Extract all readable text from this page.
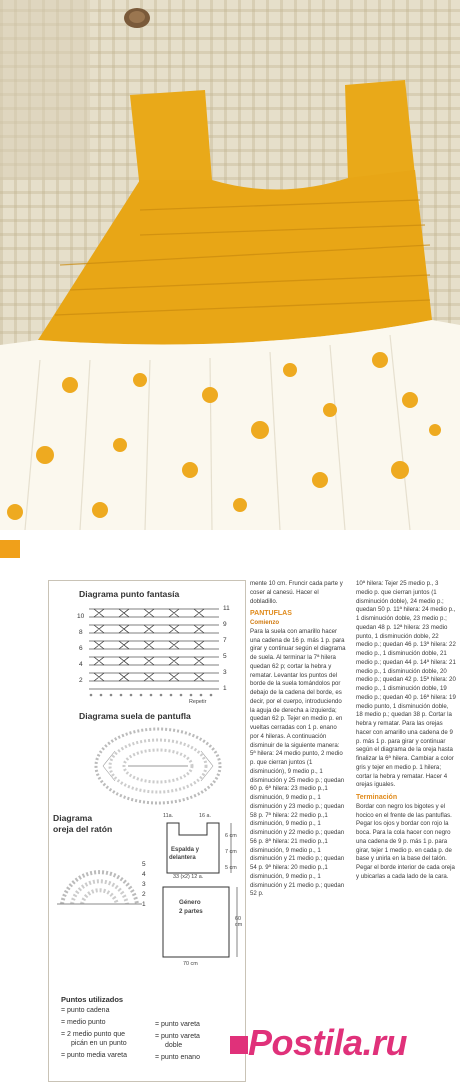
Diagrama punto fantasía
11
9
7
5
3
1
10
8
6
4
2
Repetir
Diagrama suela de pantufla
Diagrama
oreja del ratón
5
4
3
2
1
11a.	16 a.
Espalda y
delantera
33 (x2) 12 a.
6 cm
7 cm
5 cm
Género
2 partes
70 cm
60 cm
Puntos utilizados
= punto cadena
= medio punto
= 2 medio punto que
picán en un punto
= punto media vareta
= punto vareta
= punto vareta
doble
= punto enano

mente 10 cm. Fruncir cada parte y coser al canesú. Hacer el dobladillo.

PANTUFLAS

Comienzo

Para la suela con amarillo hacer una cadena de 16 p. más 1 p. para girar y continuar según el diagrama de suela. Al terminar la 7ª hilera quedan 62 p; cortar la hebra y rematar. Levantar los puntos del borde de la suela tomándolos por debajo de la cadena del borde, es decir, por el cuerpo, introduciendo la aguja de derecha a izquierda; quedan 62 p. Tejer en medio p. en vueltas cerradas con 1 p. enano por 4 hileras. A continuación disminuir de la siguiente manera:

5ª hilera: 24 medio punto, 2 medio p. que cierran juntos (1 disminución), 9 medio p., 1 disminución y 25 medio p.; quedan 60 p. 6ª hilera: 23 medio p.,1 disminución, 9 medio p., 1 disminución y 23 medio p.; quedan 58 p. 7ª hilera: 22 medio p.,1 disminución, 9 medio p., 1 disminución y 22 medio p.; quedan 56 p. 8ª hilera: 21 medio p.,1 disminución, 9 medio p., 1 disminución y 21 medio p.; quedan 54 p. 9ª hilera: 20 medio p.,1 disminución, 9 medio p., 1 disminución y 21 medio p.; quedan 52 p.

10ª hilera: Tejer 25 medio p., 3 medio p. que cierran juntos (1 disminución doble), 24 medio p.; quedan 50 p. 11ª hilera: 24 medio p., 1 disminución doble, 23 medio p.; quedan 48 p. 12ª hilera: 23 medio punto, 1 disminución doble, 22 medio p.; quedan 46 p. 13ª hilera: 22 medio p., 1 disminución doble, 21 medio p.; quedan 44 p. 14ª hilera: 21 medio p., 1 disminución doble, 20 medio p.; quedan 42 p. 15ª hilera: 20 medio p., 1 disminución doble, 19 medio p.; quedan 40 p. 16ª hilera: 19 medio punto, 1 disminución doble, 18 medio p.; quedan 38 p. Cortar la hebra y rematar. Para las orejas hacer con amarillo una cadena de 9 p. más 1 p. para girar y continuar según el diagrama de la oreja hasta finalizar la 6ª hilera. Cambiar a color gris y tejer en medio p. 1 hilera; cortar la hebra y rematar. Hacer 4 orejas iguales.

Terminación

Bordar con negro los bigotes y el hocico en el frente de las pantuflas. Pegar los ojos y bordar con rojo la boca. Para la cola hacer con negro una cadena de 9 p. más 1 p. para girar, tejer 1 medio p. en cada p. de base y unirla en la base del talón. Pegar el borde interior de cada oreja y ubicarlas a cada lado de la cara.

Postila.ru
